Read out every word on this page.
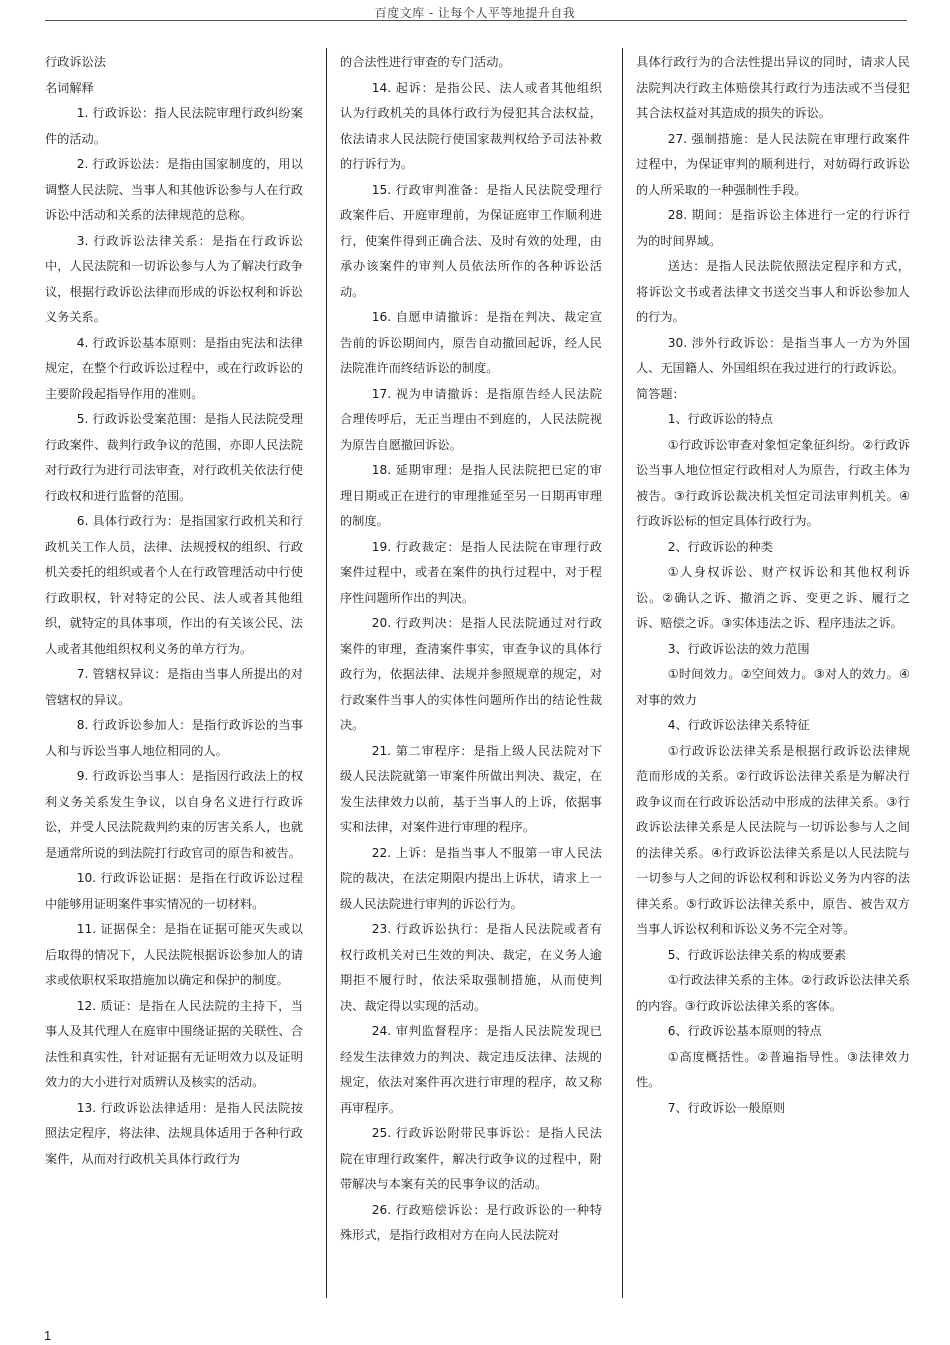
百度文库 - 让每个人平等地提升自我

行政诉讼法

名词解释

1. 行政诉讼：指人民法院审理行政纠纷案件的活动。

2. 行政诉讼法：是指由国家制度的，用以调整人民法院、当事人和其他诉讼参与人在行政诉讼中活动和关系的法律规范的总称。

3. 行政诉讼法律关系：是指在行政诉讼中，人民法院和一切诉讼参与人为了解决行政争议，根据行政诉讼法律而形成的诉讼权利和诉讼义务关系。

4. 行政诉讼基本原则：是指由宪法和法律规定，在整个行政诉讼过程中，或在行政诉讼的主要阶段起指导作用的准则。

5. 行政诉讼受案范围：是指人民法院受理行政案件、裁判行政争议的范围，亦即人民法院对行政行为进行司法审查，对行政机关依法行使行政权和进行监督的范围。

6. 具体行政行为：是指国家行政机关和行政机关工作人员，法律、法规授权的组织、行政机关委托的组织或者个人在行政管理活动中行使行政职权，针对特定的公民、法人或者其他组织，就特定的具体事项，作出的有关该公民、法人或者其他组织权利义务的单方行为。

7. 管辖权异议：是指由当事人所提出的对管辖权的异议。

8. 行政诉讼参加人：是指行政诉讼的当事人和与诉讼当事人地位相同的人。

9. 行政诉讼当事人：是指因行政法上的权利义务关系发生争议，以自身名义进行行政诉讼，并受人民法院裁判约束的厉害关系人，也就是通常所说的到法院打行政官司的原告和被告。

10. 行政诉讼证据：是指在行政诉讼过程中能够用证明案件事实情况的一切材料。

11. 证据保全：是指在证据可能灭失或以后取得的情况下，人民法院根据诉讼参加人的请求或依职权采取措施加以确定和保护的制度。

12. 质证：是指在人民法院的主持下，当事人及其代理人在庭审中围绕证据的关联性、合法性和真实性，针对证据有无证明效力以及证明效力的大小进行对质辨认及核实的活动。

13. 行政诉讼法律适用：是指人民法院按照法定程序，将法律、法规具体适用于各种行政案件，从而对行政机关具体行政行为

的合法性进行审查的专门活动。

14. 起诉：是指公民、法人或者其他组织认为行政机关的具体行政行为侵犯其合法权益，依法请求人民法院行使国家裁判权给予司法补救的行诉行为。

15. 行政审判准备：是指人民法院受理行政案件后、开庭审理前，为保证庭审工作顺利进行，使案件得到正确合法、及时有效的处理，由承办该案件的审判人员依法所作的各种诉讼活动。

16. 自愿申请撤诉：是指在判决、裁定宣告前的诉讼期间内，原告自动撤回起诉，经人民法院准许而终结诉讼的制度。

17. 视为申请撤诉：是指原告经人民法院合理传呼后，无正当理由不到庭的，人民法院视为原告自愿撤回诉讼。

18. 延期审理：是指人民法院把已定的审理日期或正在进行的审理推延至另一日期再审理的制度。

19. 行政裁定：是指人民法院在审理行政案件过程中，或者在案件的执行过程中，对于程序性问题所作出的判决。

20. 行政判决：是指人民法院通过对行政案件的审理，查清案件事实，审查争议的具体行政行为，依据法律、法规并参照规章的规定，对行政案件当事人的实体性问题所作出的结论性裁决。

21. 第二审程序：是指上级人民法院对下级人民法院就第一审案件所做出判决、裁定，在发生法律效力以前，基于当事人的上诉，依据事实和法律，对案件进行审理的程序。

22. 上诉：是指当事人不服第一审人民法院的裁决，在法定期限内提出上诉状，请求上一级人民法院进行审判的诉讼行为。

23. 行政诉讼执行：是指人民法院或者有权行政机关对已生效的判决、裁定，在义务人逾期拒不履行时，依法采取强制措施，从而使判决、裁定得以实现的活动。

24. 审判监督程序：是指人民法院发现已经发生法律效力的判决、裁定违反法律、法规的规定，依法对案件再次进行审理的程序，故又称再审程序。

25. 行政诉讼附带民事诉讼：是指人民法院在审理行政案件，解决行政争议的过程中，附带解决与本案有关的民事争议的活动。

26. 行政赔偿诉讼：是行政诉讼的一种特殊形式，是指行政相对方在向人民法院对

具体行政行为的合法性提出异议的同时，请求人民法院判决行政主体赔偿其行政行为违法或不当侵犯其合法权益对其造成的损失的诉讼。

27. 强制措施：是人民法院在审理行政案件过程中，为保证审判的顺利进行，对妨碍行政诉讼的人所采取的一种强制性手段。

28. 期间：是指诉讼主体进行一定的行诉行为的时间界域。

送达：是指人民法院依照法定程序和方式，将诉讼文书或者法律文书送交当事人和诉讼参加人的行为。

30. 涉外行政诉讼：是指当事人一方为外国人、无国籍人、外国组织在我过进行的行政诉讼。

简答题：

1、行政诉讼的特点

①行政诉讼审查对象恒定象征纠纷。②行政诉讼当事人地位恒定行政相对人为原告，行政主体为被告。③行政诉讼裁决机关恒定司法审判机关。④行政诉讼标的恒定具体行政行为。

2、行政诉讼的种类

①人身权诉讼、财产权诉讼和其他权利诉讼。②确认之诉、撤消之诉、变更之诉、履行之诉、赔偿之诉。③实体违法之诉、程序违法之诉。

3、行政诉讼法的效力范围

①时间效力。②空间效力。③对人的效力。④对事的效力

4、行政诉讼法律关系特征

①行政诉讼法律关系是根据行政诉讼法律规范而形成的关系。②行政诉讼法律关系是为解决行政争议而在行政诉讼活动中形成的法律关系。③行政诉讼法律关系是人民法院与一切诉讼参与人之间的法律关系。④行政诉讼法律关系是以人民法院与一切参与人之间的诉讼权利和诉讼义务为内容的法律关系。⑤行政诉讼法律关系中，原告、被告双方当事人诉讼权利和诉讼义务不完全对等。

5、行政诉讼法律关系的构成要素

①行政法律关系的主体。②行政诉讼法律关系的内容。③行政诉讼法律关系的客体。

6、行政诉讼基本原则的特点

①高度概括性。②普遍指导性。③法律效力性。

7、行政诉讼一般原则

1
